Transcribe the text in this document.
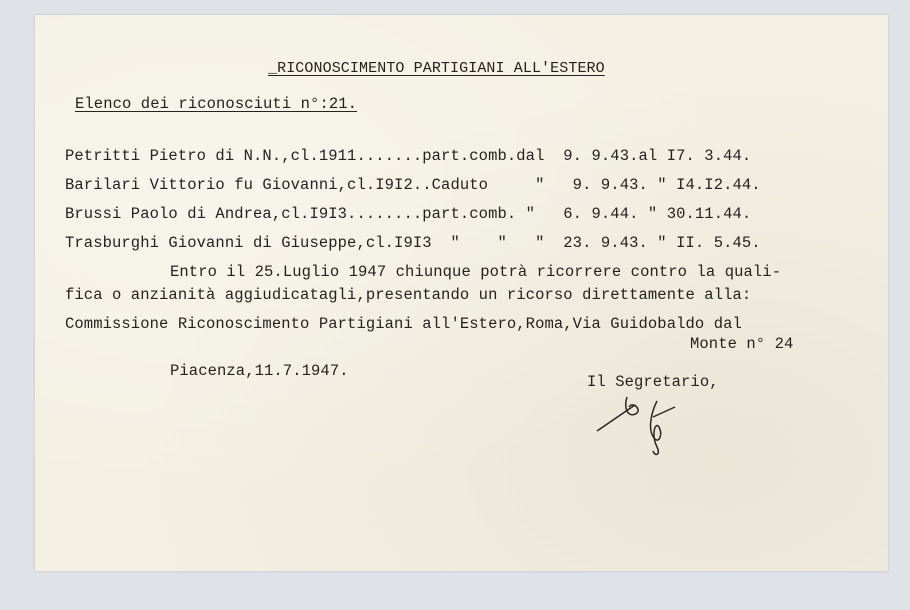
_RICONOSCIMENTO PARTIGIANI ALL'ESTERO
Elenco dei riconosciuti n°:21.
Petritti Pietro di N.N.,cl.1911.......part.comb.dal  9. 9.43.al I7. 3.44.
Barilari Vittorio fu Giovanni,cl.I9I2..Caduto     "   9. 9.43. " I4.I2.44.
Brussi Paolo di Andrea,cl.I9I3........part.comb. "   6. 9.44. " 30.11.44.
Trasburghi Giovanni di Giuseppe,cl.I9I3  "    "   "  23. 9.43. " II. 5.45.
Entro il 25.Luglio 1947 chiunque potrà ricorrere contro la quali-
fica o anzianità aggiudicatagli,presentando un ricorso direttamente alla:
Commissione Riconoscimento Partigiani all'Estero,Roma,Via Guidobaldo dal
Monte n° 24
Piacenza,11.7.1947.
Il Segretario,
